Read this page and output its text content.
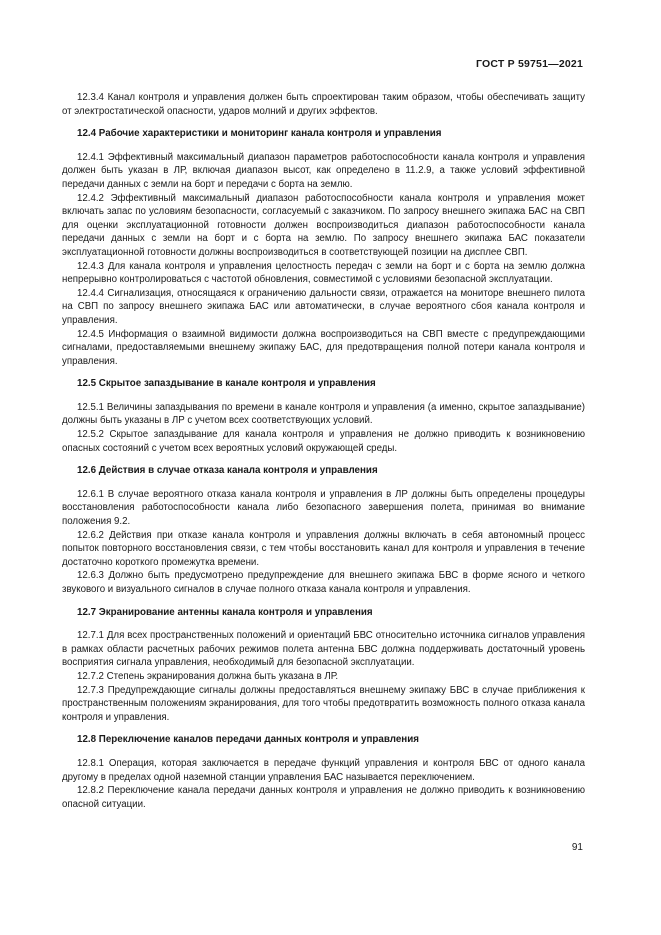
ГОСТ Р 59751—2021

12.3.4 Канал контроля и управления должен быть спроектирован таким образом, чтобы обеспечивать защиту от электростатической опасности, ударов молний и других эффектов.

12.4 Рабочие характеристики и мониторинг канала контроля и управления

12.4.1 Эффективный максимальный диапазон параметров работоспособности канала контроля и управления должен быть указан в ЛР, включая диапазон высот, как определено в 11.2.9, а также условий эффективной передачи данных с земли на борт и передачи с борта на землю.

12.4.2 Эффективный максимальный диапазон работоспособности канала контроля и управления может включать запас по условиям безопасности, согласуемый с заказчиком. По запросу внешнего экипажа БАС на СВП для оценки эксплуатационной готовности должен воспроизводиться диапазон работоспособности канала передачи данных с земли на борт и с борта на землю. По запросу внешнего экипажа БАС показатели эксплуатационной готовности должны воспроизводиться в соответствующей позиции на дисплее СВП.

12.4.3 Для канала контроля и управления целостность передач с земли на борт и с борта на землю должна непрерывно контролироваться с частотой обновления, совместимой с условиями безопасной эксплуатации.

12.4.4 Сигнализация, относящаяся к ограничению дальности связи, отражается на мониторе внешнего пилота на СВП по запросу внешнего экипажа БАС или автоматически, в случае вероятного сбоя канала контроля и управления.

12.4.5 Информация о взаимной видимости должна воспроизводиться на СВП вместе с предупреждающими сигналами, предоставляемыми внешнему экипажу БАС, для предотвращения полной потери канала контроля и управления.

12.5 Скрытое запаздывание в канале контроля и управления

12.5.1 Величины запаздывания по времени в канале контроля и управления (а именно, скрытое запаздывание) должны быть указаны в ЛР с учетом всех соответствующих условий.

12.5.2 Скрытое запаздывание для канала контроля и управления не должно приводить к возникновению опасных состояний с учетом всех вероятных условий окружающей среды.

12.6 Действия в случае отказа канала контроля и управления

12.6.1 В случае вероятного отказа канала контроля и управления в ЛР должны быть определены процедуры восстановления работоспособности канала либо безопасного завершения полета, принимая во внимание положения 9.2.

12.6.2 Действия при отказе канала контроля и управления должны включать в себя автономный процесс попыток повторного восстановления связи, с тем чтобы восстановить канал для контроля и управления в течение достаточно короткого промежутка времени.

12.6.3 Должно быть предусмотрено предупреждение для внешнего экипажа БВС в форме ясного и четкого звукового и визуального сигналов в случае полного отказа канала контроля и управления.

12.7 Экранирование антенны канала контроля и управления

12.7.1 Для всех пространственных положений и ориентаций БВС относительно источника сигналов управления в рамках области расчетных рабочих режимов полета антенна БВС должна поддерживать достаточный уровень восприятия сигнала управления, необходимый для безопасной эксплуатации.

12.7.2 Степень экранирования должна быть указана в ЛР.

12.7.3 Предупреждающие сигналы должны предоставляться внешнему экипажу БВС в случае приближения к пространственным положениям экранирования, для того чтобы предотвратить возможность полного отказа канала контроля и управления.

12.8 Переключение каналов передачи данных контроля и управления

12.8.1 Операция, которая заключается в передаче функций управления и контроля БВС от одного канала другому в пределах одной наземной станции управления БАС называется переключением.

12.8.2 Переключение канала передачи данных контроля и управления не должно приводить к возникновению опасной ситуации.

91
